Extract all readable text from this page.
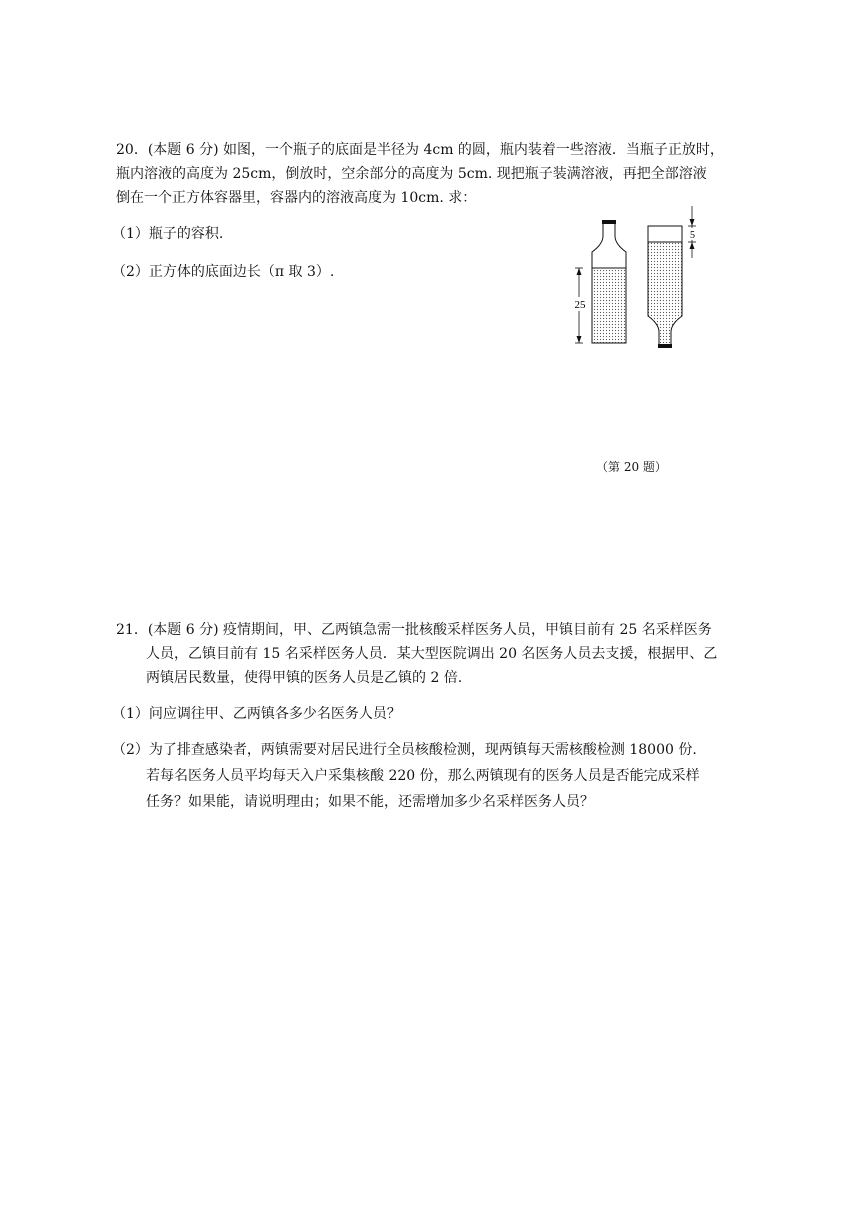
20．(本题 6 分) 如图，一个瓶子的底面是半径为 4cm 的圆，瓶内装着一些溶液．当瓶子正放时，
瓶内溶液的高度为 25cm，倒放时，空余部分的高度为 5cm. 现把瓶子装满溶液，再把全部溶液
倒在一个正方体容器里，容器内的溶液高度为 10cm. 求：
（1）瓶子的容积.
（2）正方体的底面边长（π 取 3）.
25
5
（第 20 题）
21．(本题 6 分) 疫情期间，甲、乙两镇急需一批核酸采样医务人员，甲镇目前有 25 名采样医务
人员，乙镇目前有 15 名采样医务人员．某大型医院调出 20 名医务人员去支援，根据甲、乙
两镇居民数量，使得甲镇的医务人员是乙镇的 2 倍.
（1）问应调往甲、乙两镇各多少名医务人员？
（2）为了排查感染者，两镇需要对居民进行全员核酸检测，现两镇每天需核酸检测 18000 份.
若每名医务人员平均每天入户采集核酸 220 份，那么两镇现有的医务人员是否能完成采样
任务？如果能，请说明理由；如果不能，还需增加多少名采样医务人员？
